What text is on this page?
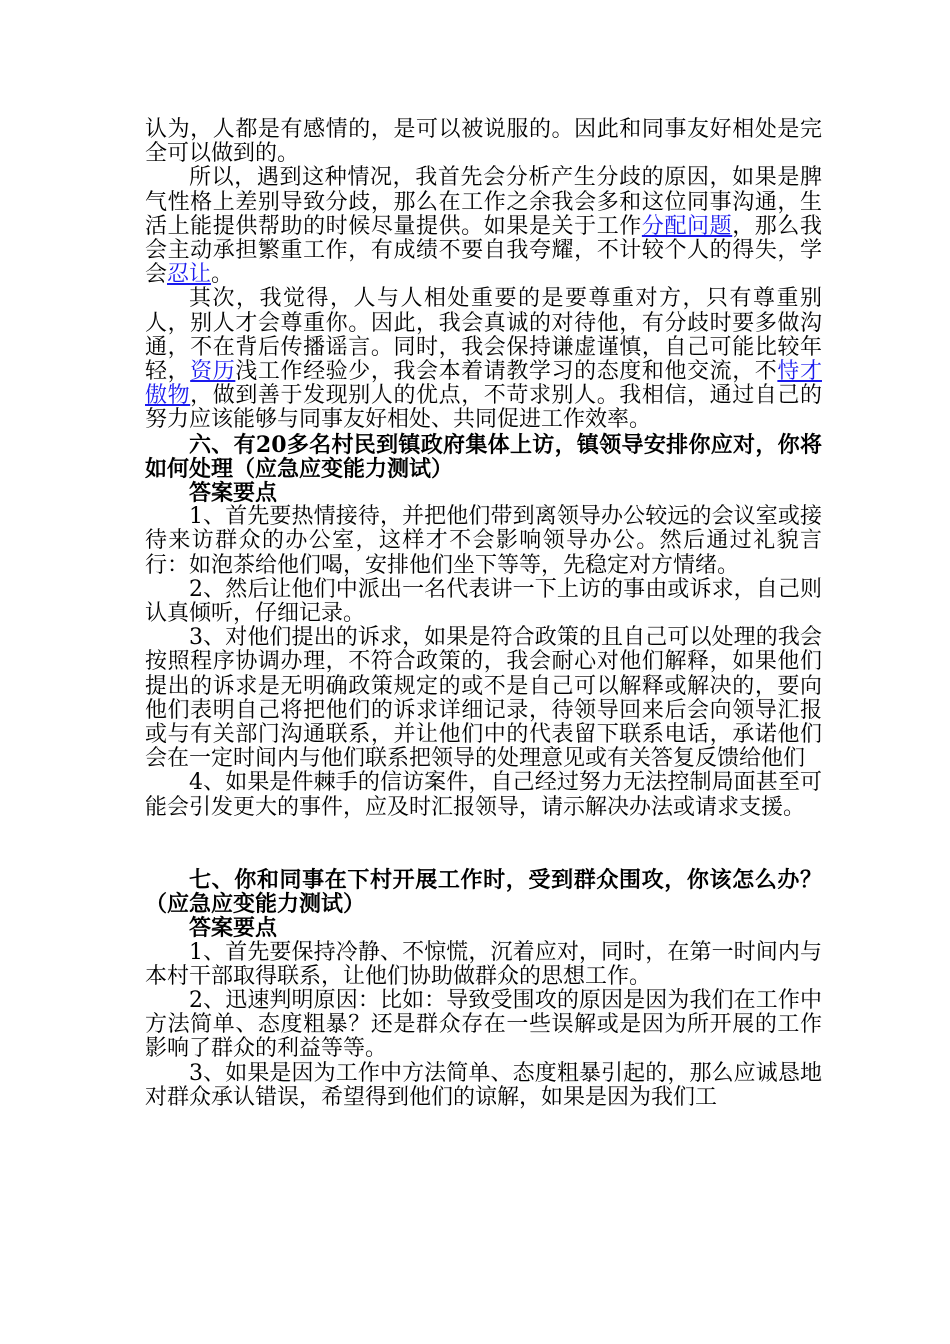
认为，人都是有感情的，是可以被说服的。因此和同事友好相处是完全可以做到的。

所以，遇到这种情况，我首先会分析产生分歧的原因，如果是脾气性格上差别导致分歧，那么在工作之余我会多和这位同事沟通，生活上能提供帮助的时候尽量提供。如果是关于工作分配问题，那么我会主动承担繁重工作，有成绩不要自我夸耀，不计较个人的得失，学会忍让。

其次，我觉得，人与人相处重要的是要尊重对方，只有尊重别人，别人才会尊重你。因此，我会真诚的对待他，有分歧时要多做沟通，不在背后传播谣言。同时，我会保持谦虚谨慎，自己可能比较年轻，资历浅工作经验少，我会本着请教学习的态度和他交流，不恃才傲物，做到善于发现别人的优点，不苛求别人。我相信，通过自己的努力应该能够与同事友好相处、共同促进工作效率。

六、有20多名村民到镇政府集体上访，镇领导安排你应对，你将如何处理（应急应变能力测试）

答案要点

1、首先要热情接待，并把他们带到离领导办公较远的会议室或接待来访群众的办公室，这样才不会影响领导办公。然后通过礼貌言行：如泡茶给他们喝，安排他们坐下等等，先稳定对方情绪。

2、然后让他们中派出一名代表讲一下上访的事由或诉求，自己则认真倾听，仔细记录。

3、对他们提出的诉求，如果是符合政策的且自己可以处理的我会按照程序协调办理，不符合政策的，我会耐心对他们解释，如果他们提出的诉求是无明确政策规定的或不是自己可以解释或解决的，要向他们表明自己将把他们的诉求详细记录，待领导回来后会向领导汇报或与有关部门沟通联系，并让他们中的代表留下联系电话，承诺他们会在一定时间内与他们联系把领导的处理意见或有关答复反馈给他们

4、如果是件棘手的信访案件，自己经过努力无法控制局面甚至可能会引发更大的事件，应及时汇报领导，请示解决办法或请求支援。

七、你和同事在下村开展工作时，受到群众围攻，你该怎么办？（应急应变能力测试）

答案要点

1、首先要保持冷静、不惊慌，沉着应对，同时，在第一时间内与本村干部取得联系，让他们协助做群众的思想工作。

2、迅速判明原因：比如：导致受围攻的原因是因为我们在工作中方法简单、态度粗暴？还是群众存在一些误解或是因为所开展的工作影响了群众的利益等等。

3、如果是因为工作中方法简单、态度粗暴引起的，那么应诚恳地对群众承认错误，希望得到他们的谅解，如果是因为我们工
